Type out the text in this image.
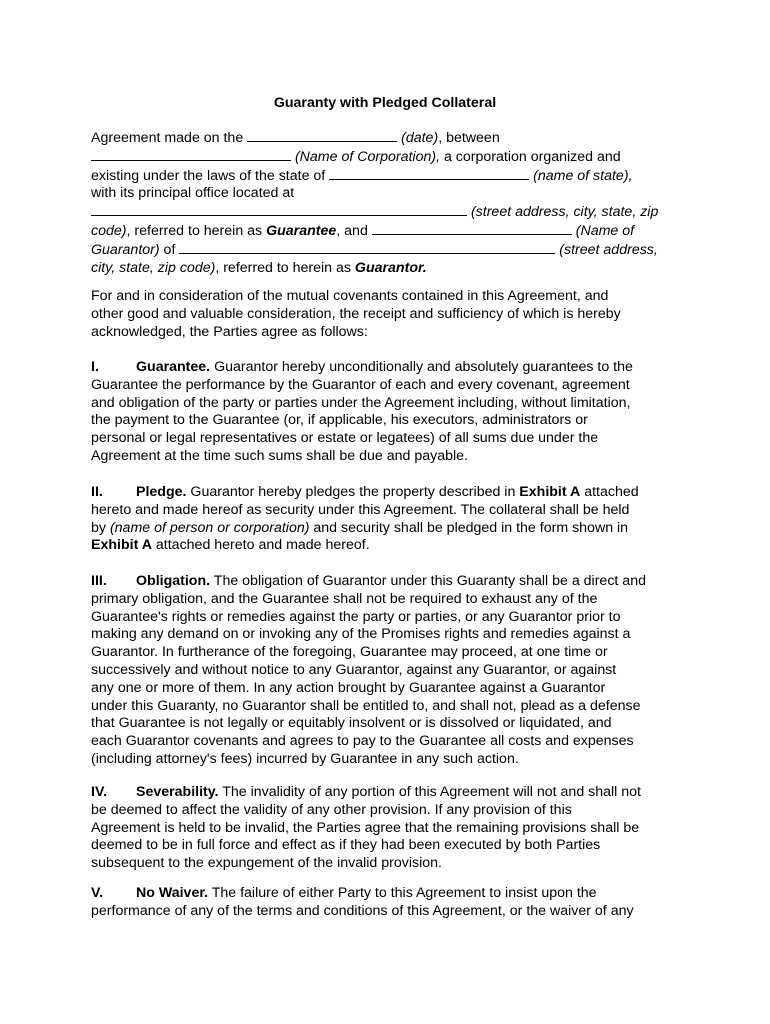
Guaranty with Pledged Collateral
Agreement made on the	(date), between
(Name of Corporation), a corporation organized and
existing under the laws of the state of	(name of state),
with its principal office located at
(street address, city, state, zip
code), referred to herein as Guarantee, and	(Name of
Guarantor) of	(street address,
city, state, zip code), referred to herein as Guarantor.
For and in consideration of the mutual covenants contained in this Agreement, and
other good and valuable consideration, the receipt and sufficiency of which is hereby
acknowledged, the Parties agree as follows:
I.	Guarantee. Guarantor hereby unconditionally and absolutely guarantees to the
Guarantee the performance by the Guarantor of each and every covenant, agreement
and obligation of the party or parties under the Agreement including, without limitation,
the payment to the Guarantee (or, if applicable, his executors, administrators or
personal or legal representatives or estate or legatees) of all sums due under the
Agreement at the time such sums shall be due and payable.
II. Pledge. Guarantor hereby pledges the property described in Exhibit A attached
hereto and made hereof as security under this Agreement. The collateral shall be held
by (name of person or corporation) and security shall be pledged in the form shown in
Exhibit A attached hereto and made hereof.
III. Obligation. The obligation of Guarantor under this Guaranty shall be a direct and
primary obligation, and the Guarantee shall not be required to exhaust any of the
Guarantee's rights or remedies against the party or parties, or any Guarantor prior to
making any demand on or invoking any of the Promises rights and remedies against a
Guarantor. In furtherance of the foregoing, Guarantee may proceed, at one time or
successively and without notice to any Guarantor, against any Guarantor, or against
any one or more of them. In any action brought by Guarantee against a Guarantor
under this Guaranty, no Guarantor shall be entitled to, and shall not, plead as a defense
that Guarantee is not legally or equitably insolvent or is dissolved or liquidated, and
each Guarantor covenants and agrees to pay to the Guarantee all costs and expenses
(including attorney's fees) incurred by Guarantee in any such action.
IV. Severability. The invalidity of any portion of this Agreement will not and shall not
be deemed to affect the validity of any other provision. If any provision of this
Agreement is held to be invalid, the Parties agree that the remaining provisions shall be
deemed to be in full force and effect as if they had been executed by both Parties
subsequent to the expungement of the invalid provision.
V. No Waiver. The failure of either Party to this Agreement to insist upon the
performance of any of the terms and conditions of this Agreement, or the waiver of any
